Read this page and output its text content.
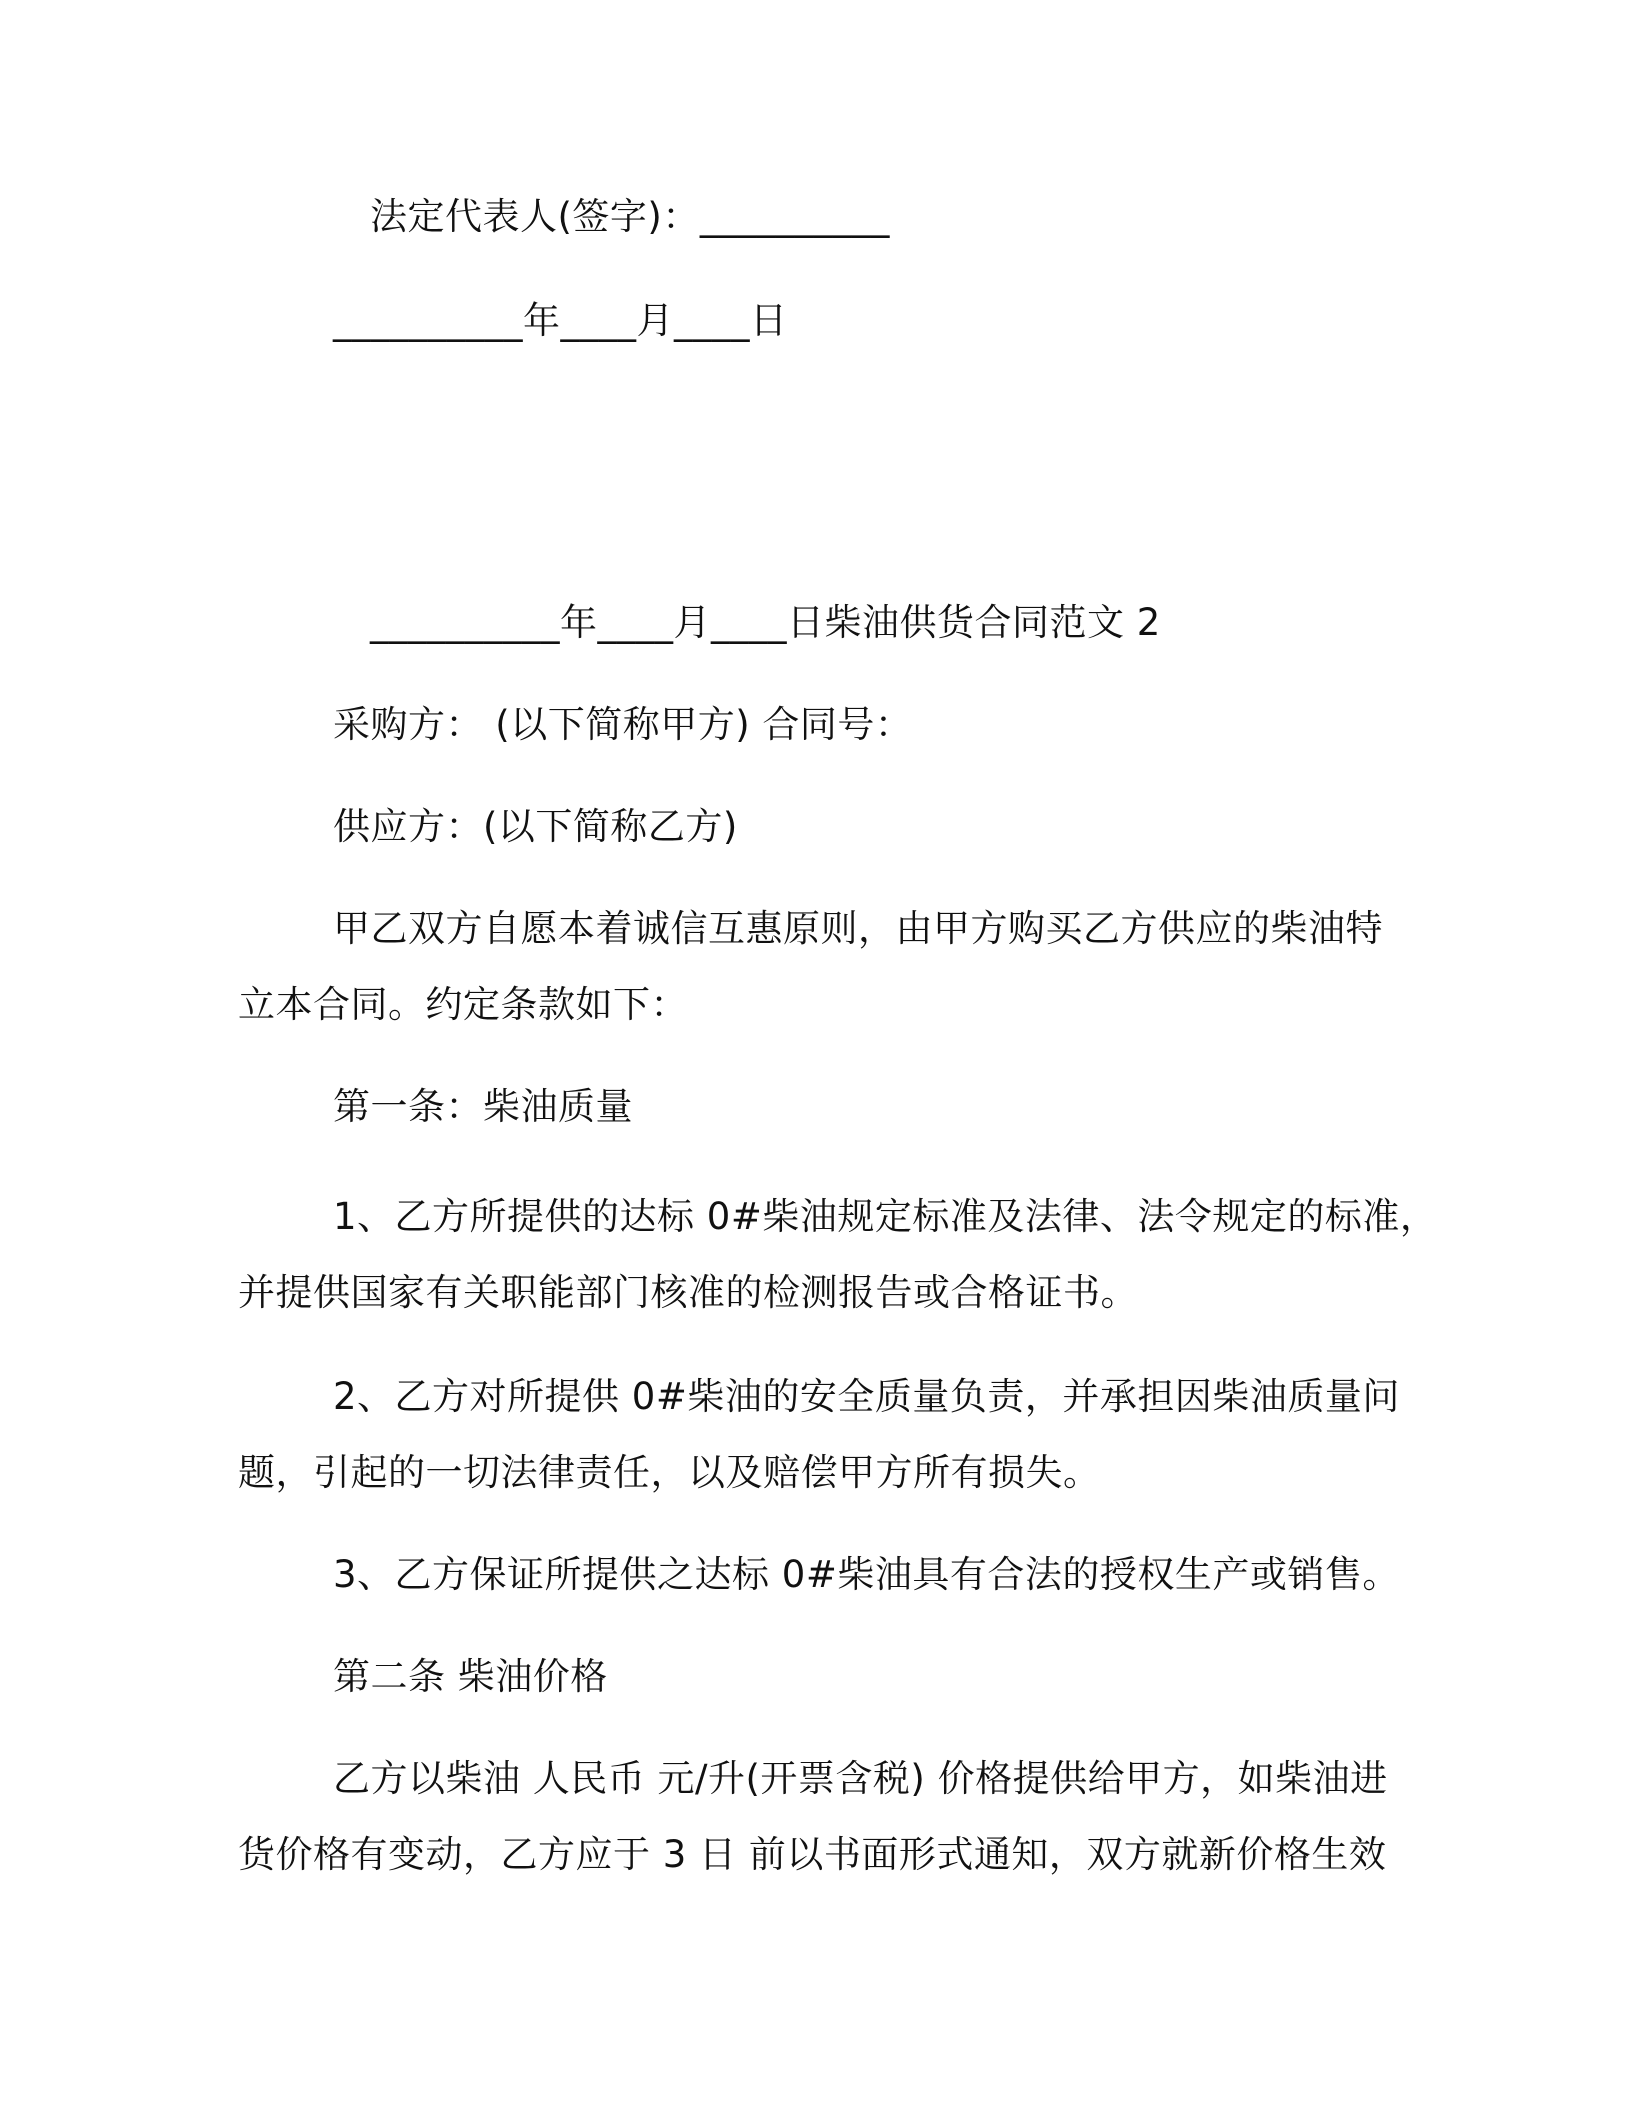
法定代表人(签字)：__________
__________年____月____日
__________年____月____日柴油供货合同范文 2
采购方： (以下简称甲方) 合同号：
供应方：(以下简称乙方)
甲乙双方自愿本着诚信互惠原则，由甲方购买乙方供应的柴油特
立本合同。约定条款如下：
第一条：柴油质量
1、乙方所提供的达标 0#柴油规定标准及法律、法令规定的标准，
并提供国家有关职能部门核准的检测报告或合格证书。
2、乙方对所提供 0#柴油的安全质量负责，并承担因柴油质量问
题，引起的一切法律责任，以及赔偿甲方所有损失。
3、乙方保证所提供之达标 0#柴油具有合法的授权生产或销售。
第二条 柴油价格
乙方以柴油 人民币 元/升(开票含税) 价格提供给甲方，如柴油进
货价格有变动，乙方应于 3 日 前以书面形式通知，双方就新价格生效
